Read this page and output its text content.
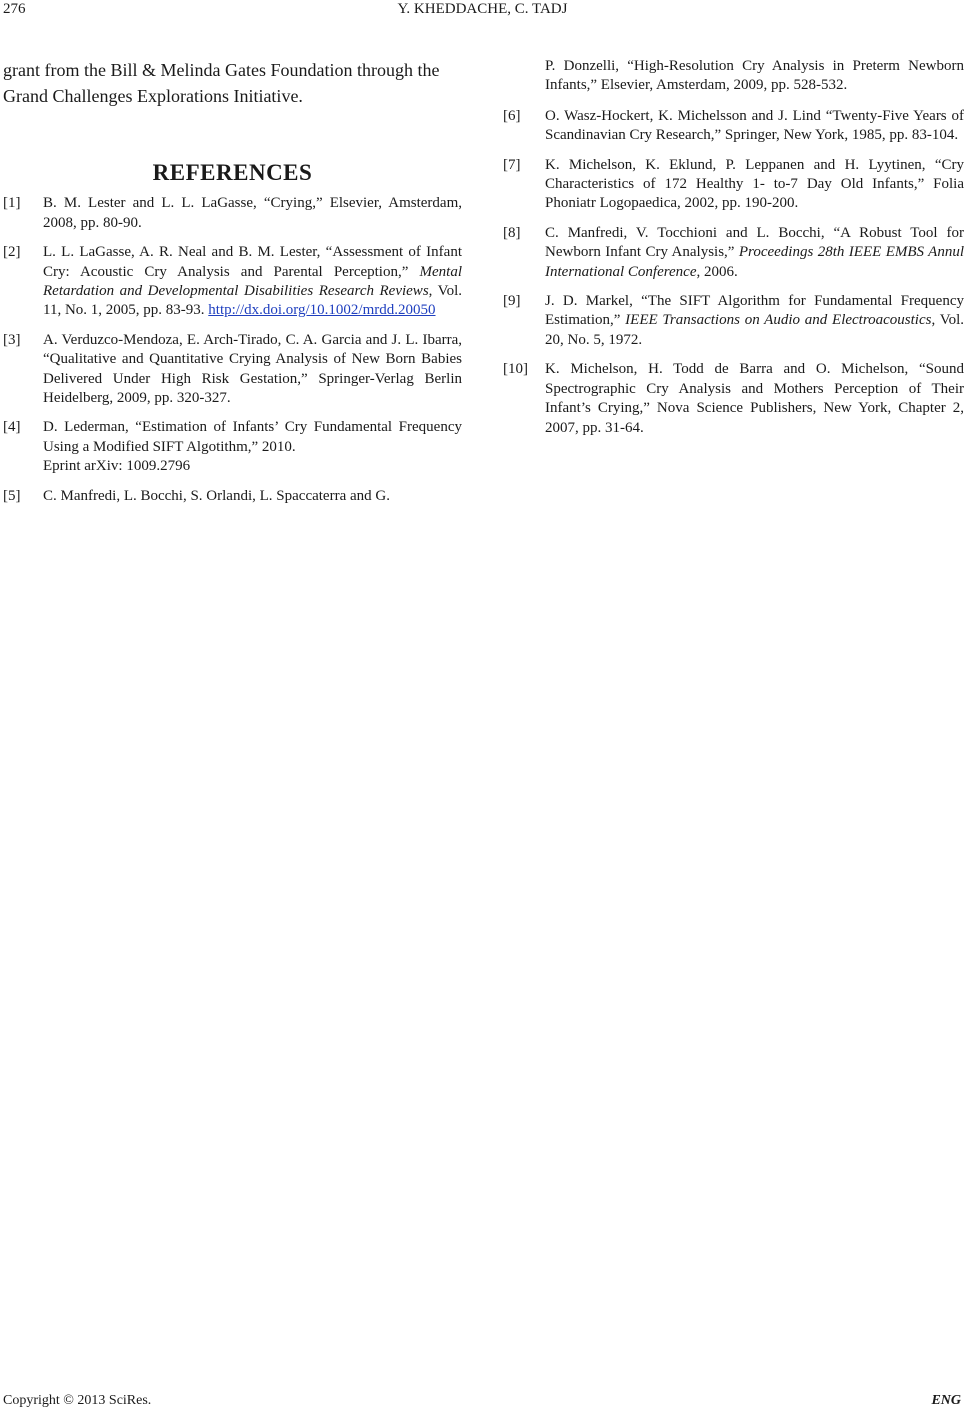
276	Y. KHEDDACHE, C. TADJ

grant from the Bill & Melinda Gates Foundation through the Grand Challenges Explorations Initiative.

REFERENCES
[1] B. M. Lester and L. L. LaGasse, “Crying,” Elsevier, Amsterdam, 2008, pp. 80-90.
[2] L. L. LaGasse, A. R. Neal and B. M. Lester, “Assessment of Infant Cry: Acoustic Cry Analysis and Parental Perception,” Mental Retardation and Developmental Disabilities Research Reviews, Vol. 11, No. 1, 2005, pp. 83-93. http://dx.doi.org/10.1002/mrdd.20050
[3] A. Verduzco-Mendoza, E. Arch-Tirado, C. A. Garcia and J. L. Ibarra, “Qualitative and Quantitative Crying Analysis of New Born Babies Delivered Under High Risk Gestation,” Springer-Verlag Berlin Heidelberg, 2009, pp. 320-327.
[4] D. Lederman, “Estimation of Infants’ Cry Fundamental Frequency Using a Modified SIFT Algotithm,” 2010.
Eprint arXiv: 1009.2796
[5] C. Manfredi, L. Bocchi, S. Orlandi, L. Spaccaterra and G.

P. Donzelli, “High-Resolution Cry Analysis in Preterm Newborn Infants,” Elsevier, Amsterdam, 2009, pp. 528-532.

[6] O. Wasz-Hockert, K. Michelsson and J. Lind “Twenty-Five Years of Scandinavian Cry Research,” Springer, New York, 1985, pp. 83-104.
[7] K. Michelson, K. Eklund, P. Leppanen and H. Lyytinen, “Cry Characteristics of 172 Healthy 1- to-7 Day Old Infants,” Folia Phoniatr Logopaedica, 2002, pp. 190-200.
[8] C. Manfredi, V. Tocchioni and L. Bocchi, “A Robust Tool for Newborn Infant Cry Analysis,” Proceedings 28th IEEE EMBS Annul International Conference, 2006.
[9] J. D. Markel, “The SIFT Algorithm for Fundamental Frequency Estimation,” IEEE Transactions on Audio and Electroacoustics, Vol. 20, No. 5, 1972.
[10] K. Michelson, H. Todd de Barra and O. Michelson, “Sound Spectrographic Cry Analysis and Mothers Perception of Their Infant’s Crying,” Nova Science Publishers, New York, Chapter 2, 2007, pp. 31-64.
Copyright © 2013 SciRes.	ENG
